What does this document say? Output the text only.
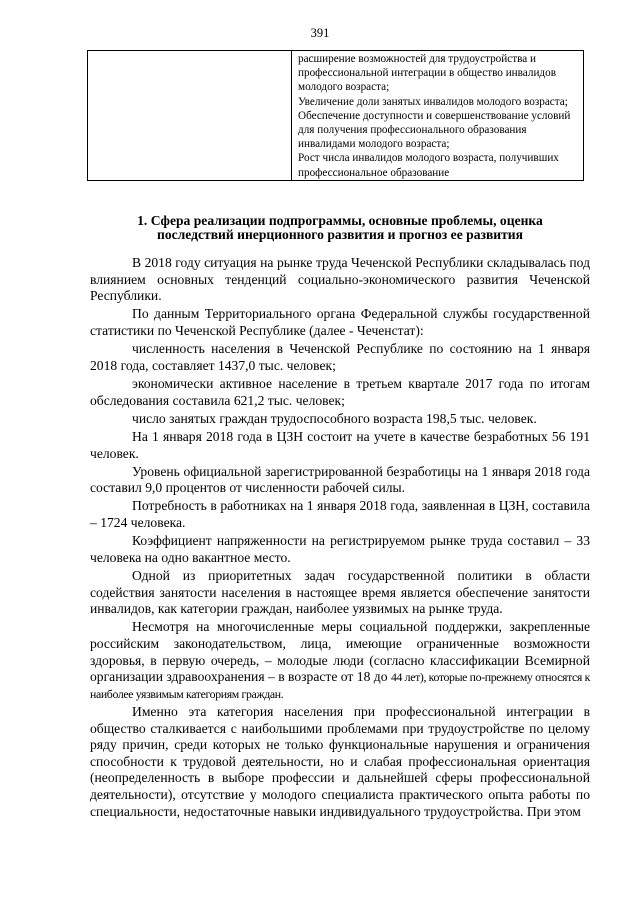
391

расширение возможностей для трудоустройства и профессиональной интеграции в общество инвалидов молодого возраста;
Увеличение доли занятых инвалидов молодого возраста;
Обеспечение доступности и совершенствование условий для получения профессионального образования инвалидами молодого возраста;
Рост числа инвалидов молодого возраста, получивших профессиональное образование
1. Сфера реализации подпрограммы, основные проблемы, оценка
последствий инерционного развития и прогноз ее развития

В 2018 году ситуация на рынке труда Чеченской Республики складывалась под влиянием основных тенденций социально-экономического развития Чеченской Республики.

По данным Территориального органа Федеральной службы государственной статистики по Чеченской Республике (далее - Чеченстат):

численность населения в Чеченской Республике по состоянию на 1 января 2018 года, составляет 1437,0 тыс. человек;

экономически активное население в третьем квартале 2017 года по итогам обследования составила 621,2 тыс. человек;

число занятых граждан трудоспособного возраста 198,5 тыс. человек.

На 1 января 2018 года в ЦЗН состоит на учете в качестве безработных 56 191 человек.

Уровень официальной зарегистрированной безработицы на 1 января 2018 года составил 9,0 процентов от численности рабочей силы.

Потребность в работниках на 1 января 2018 года, заявленная в ЦЗН, составила – 1724 человека.

Коэффициент напряженности на регистрируемом рынке труда составил – 33 человека на одно вакантное место.

Одной из приоритетных задач государственной политики в области содействия занятости населения в настоящее время является обеспечение занятости инвалидов, как категории граждан, наиболее уязвимых на рынке труда.

Несмотря на многочисленные меры социальной поддержки, закрепленные российским законодательством, лица, имеющие ограниченные возможности здоровья, в первую очередь, – молодые люди (согласно классификации Всемирной организации здравоохранения – в возрасте от 18 до 44 лет), которые по-прежнему относятся к наиболее уязвимым категориям граждан.

Именно эта категория населения при профессиональной интеграции в общество сталкивается с наибольшими проблемами при трудоустройстве по целому ряду причин, среди которых не только функциональные нарушения и ограничения способности к трудовой деятельности, но и слабая профессиональная ориентация (неопределенность в выборе профессии и дальнейшей сферы профессиональной деятельности), отсутствие у молодого специалиста практического опыта работы по специальности, недостаточные навыки индивидуального трудоустройства. При этом
